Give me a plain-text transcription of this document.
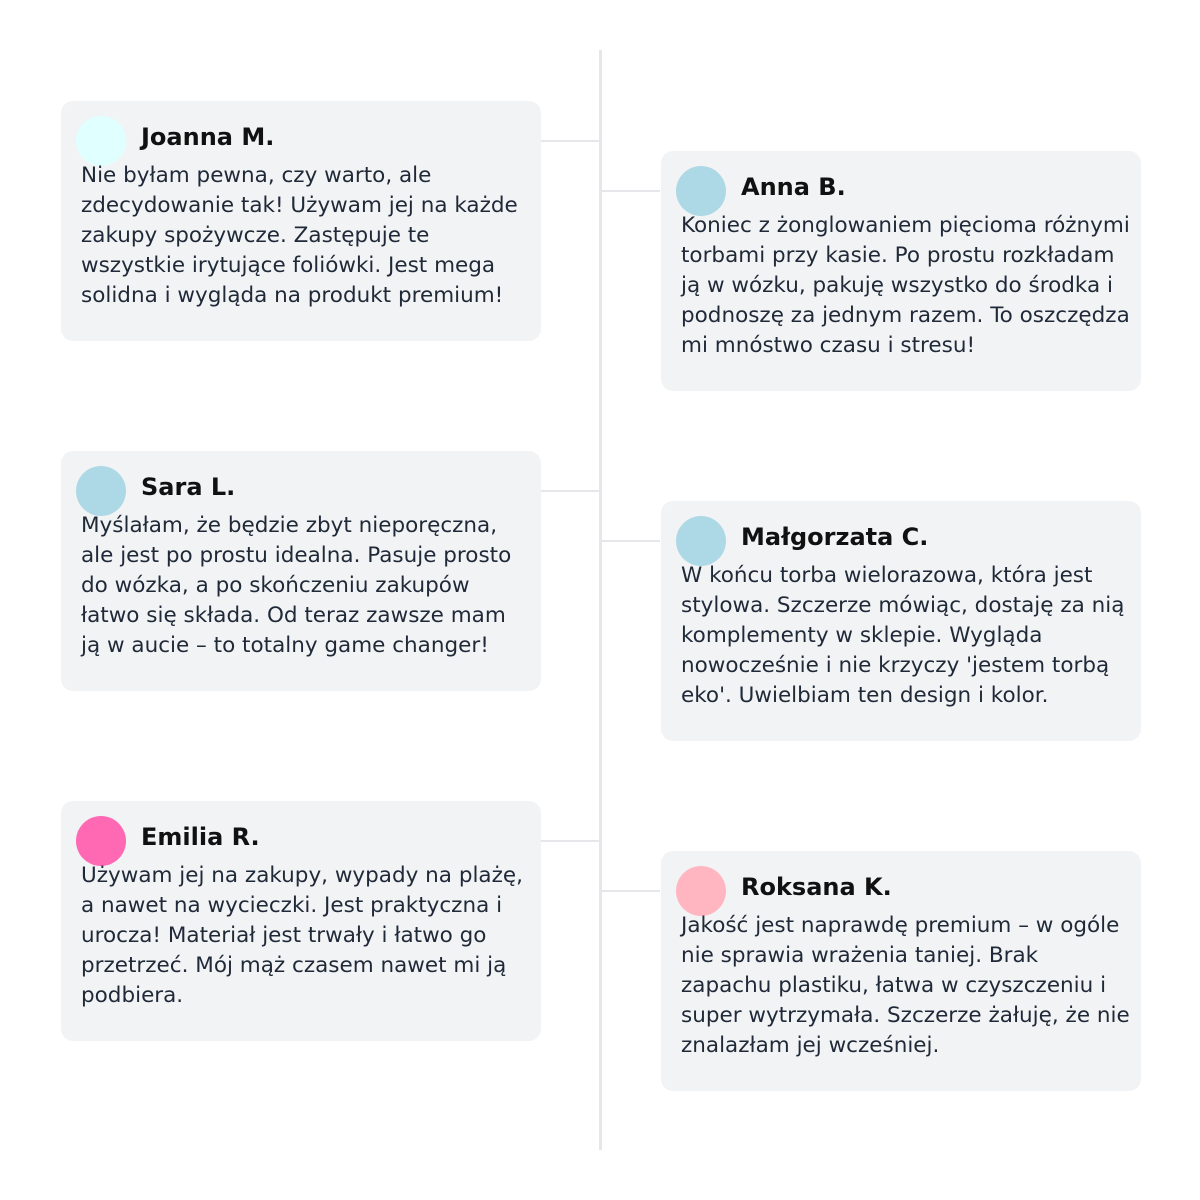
Joanna M.

Nie byłam pewna, czy warto, ale zdecydowanie tak! Używam jej na każde zakupy spożywcze. Zastępuje te wszystkie irytujące foliówki. Jest mega solidna i wygląda na produkt premium!

Anna B.

Koniec z żonglowaniem pięcioma różnymi torbami przy kasie. Po prostu rozkładam ją w wózku, pakuję wszystko do środka i podnoszę za jednym razem. To oszczędza mi mnóstwo czasu i stresu!

Sara L.

Myślałam, że będzie zbyt nieporęczna, ale jest po prostu idealna. Pasuje prosto do wózka, a po skończeniu zakupów łatwo się składa. Od teraz zawsze mam ją w aucie – to totalny game changer!

Małgorzata C.

W końcu torba wielorazowa, która jest stylowa. Szczerze mówiąc, dostaję za nią komplementy w sklepie. Wygląda nowocześnie i nie krzyczy 'jestem torbą eko'. Uwielbiam ten design i kolor.

Emilia R.

Używam jej na zakupy, wypady na plażę, a nawet na wycieczki. Jest praktyczna i urocza! Materiał jest trwały i łatwo go przetrzeć. Mój mąż czasem nawet mi ją podbiera.

Roksana K.

Jakość jest naprawdę premium – w ogóle nie sprawia wrażenia taniej. Brak zapachu plastiku, łatwa w czyszczeniu i super wytrzymała. Szczerze żałuję, że nie znalazłam jej wcześniej.
